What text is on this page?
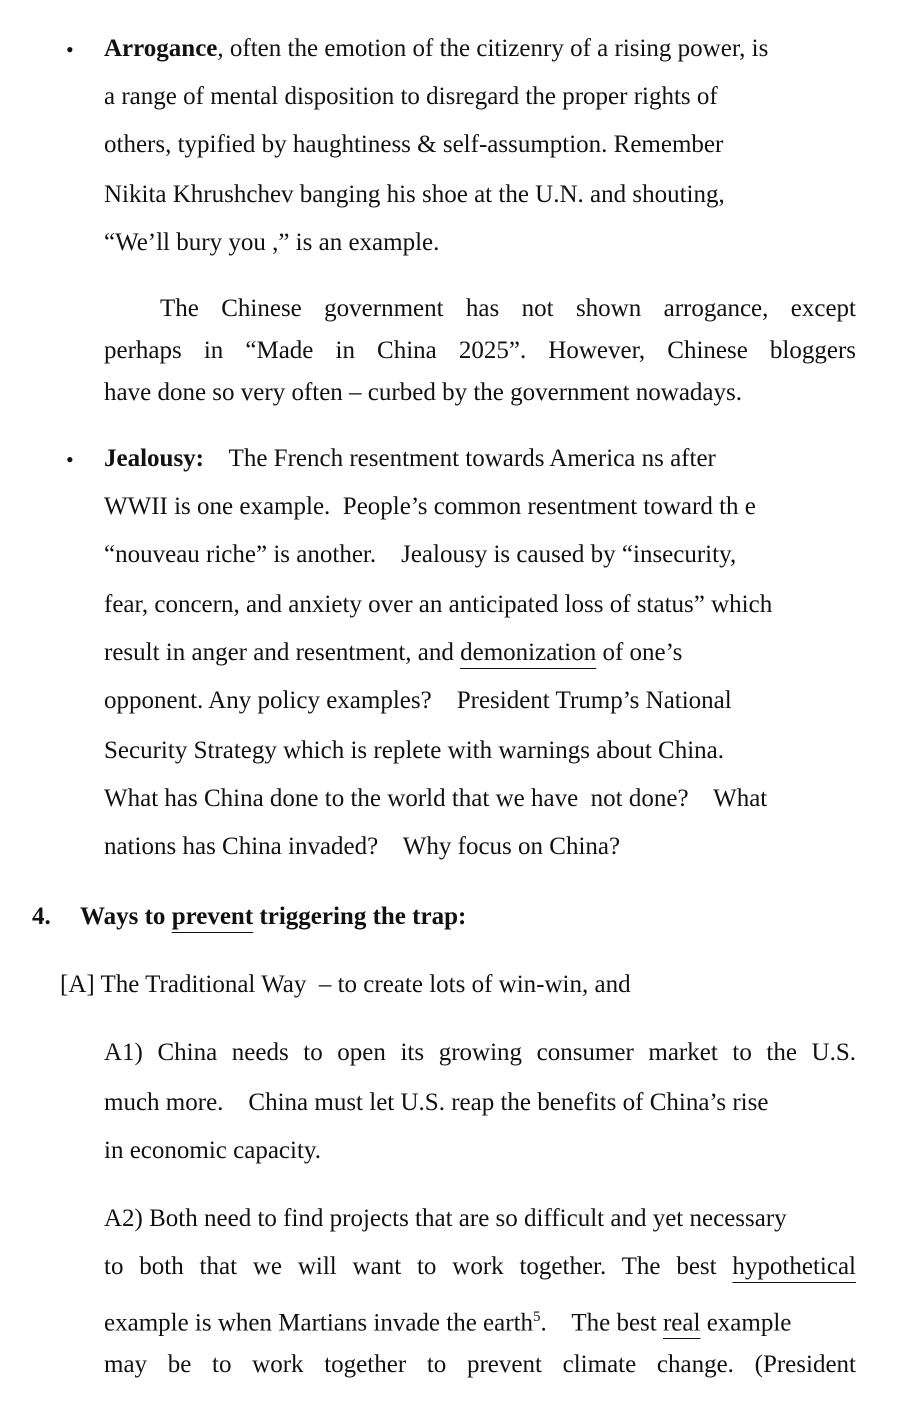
• Arrogance, often the emotion of the citizenry of a rising power, is
a range of mental disposition to disregard the proper rights of
others, typified by haughtiness & self-assumption. Remember
Nikita Khrushchev banging his shoe at the U.N. and shouting,
“We’ll bury you ,” is an example.
The Chinese government has not shown arrogance, except
perhaps in “Made in China 2025”. However, Chinese bloggers
have done so very often – curbed by the government nowadays.
• Jealousy:    The French resentment towards America ns after
WWII is one example.  People’s common resentment toward th e
“nouveau riche” is another.    Jealousy is caused by “insecurity,
fear, concern, and anxiety over an anticipated loss of status” which
result in anger and resentment, and demonization of one’s
opponent. Any policy examples?    President Trump’s National
Security Strategy which is replete with warnings about China.
What has China done to the world that we have  not done?    What
nations has China invaded?    Why focus on China?
4. Ways to prevent triggering the trap:
[A] The Traditional Way  – to create lots of win-win, and
A1) China needs to open its growing consumer market to the U.S.
much more.    China must let U.S. reap the benefits of China’s rise
in economic capacity.
A2) Both need to find projects that are so difficult and yet necessary
to both that we will want to work together. The best hypothetical
example is when Martians invade the earth$^5$.    The best real example
may be to work together to prevent climate change. (President
